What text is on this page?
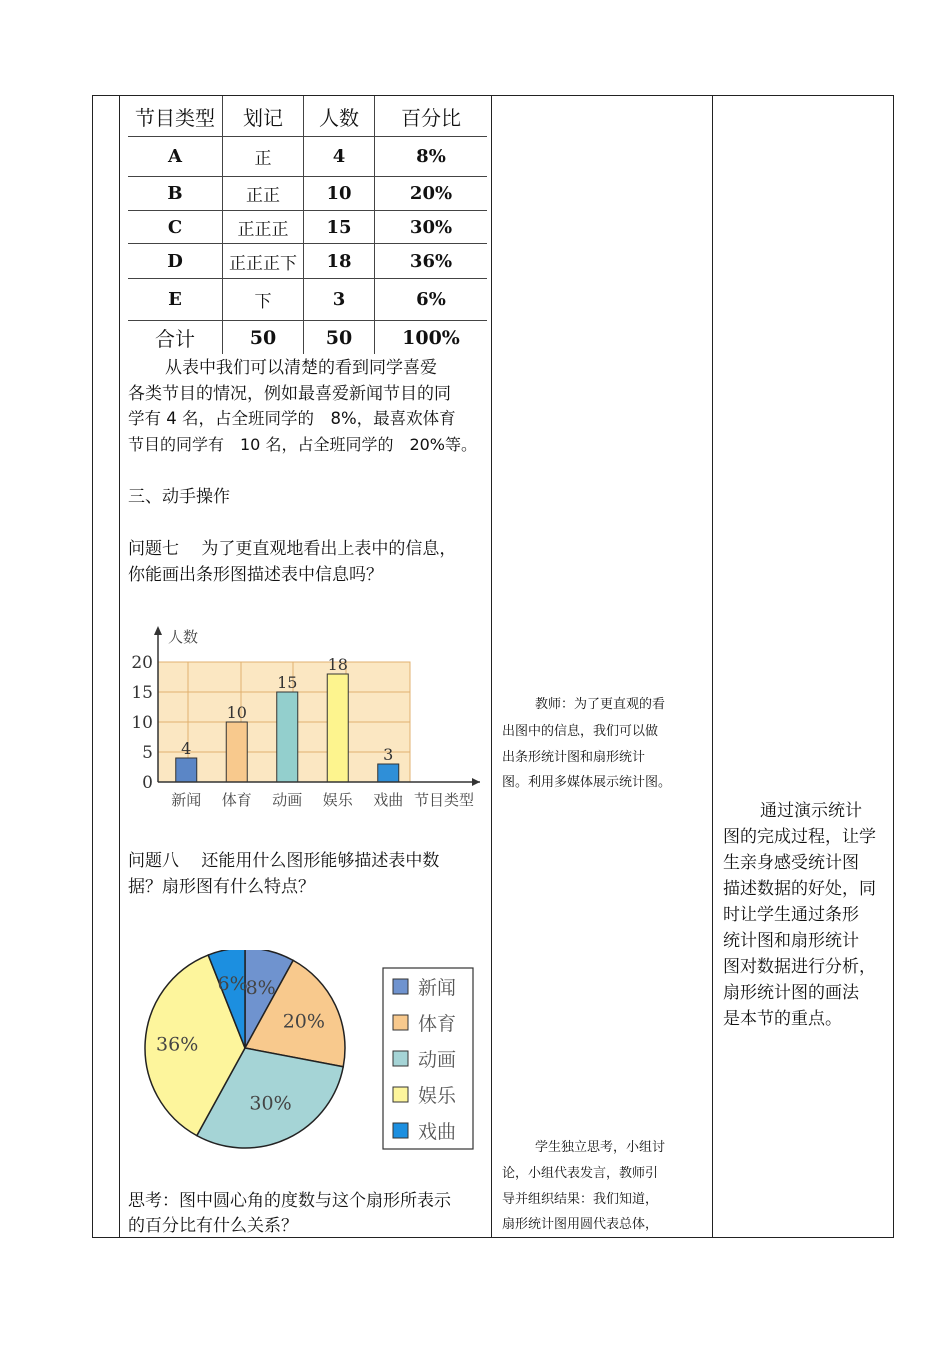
节目类型	划记	人数	百分比
A	正	4	8%
B	正正	10	20%
C	正正正	15	30%
D	正正正下	18	36%
E	下	3	6%
合计	50	50	100%
从表中我们可以清楚的看到同学喜爱
各类节目的情况，例如最喜爱新闻节目的同
学有 4 名，占全班同学的　8%，最喜欢体育
节目的同学有　10 名，占全班同学的　20%等。
三、动手操作
问题七　 为了更直观地看出上表中的信息，
你能画出条形图描述表中信息吗？
0
5
10
15
20
4
新闻
10
体育
15
动画
18
娱乐
3
戏曲
人数
节目类型
问题八　 还能用什么图形能够描述表中数
据？扇形图有什么特点？
8%
20%
30%
36%
6%	新闻
体育
动画
娱乐
戏曲
思考：图中圆心角的度数与这个扇形所表示
的百分比有什么关系？
教师：为了更直观的看
出图中的信息，我们可以做
出条形统计图和扇形统计
图。利用多媒体展示统计图。
学生独立思考，小组讨
论，小组代表发言，教师引
导并组织结果：我们知道，
扇形统计图用圆代表总体，
通过演示统计
图的完成过程，让学
生亲身感受统计图
描述数据的好处，同
时让学生通过条形
统计图和扇形统计
图对数据进行分析，
扇形统计图的画法
是本节的重点。
